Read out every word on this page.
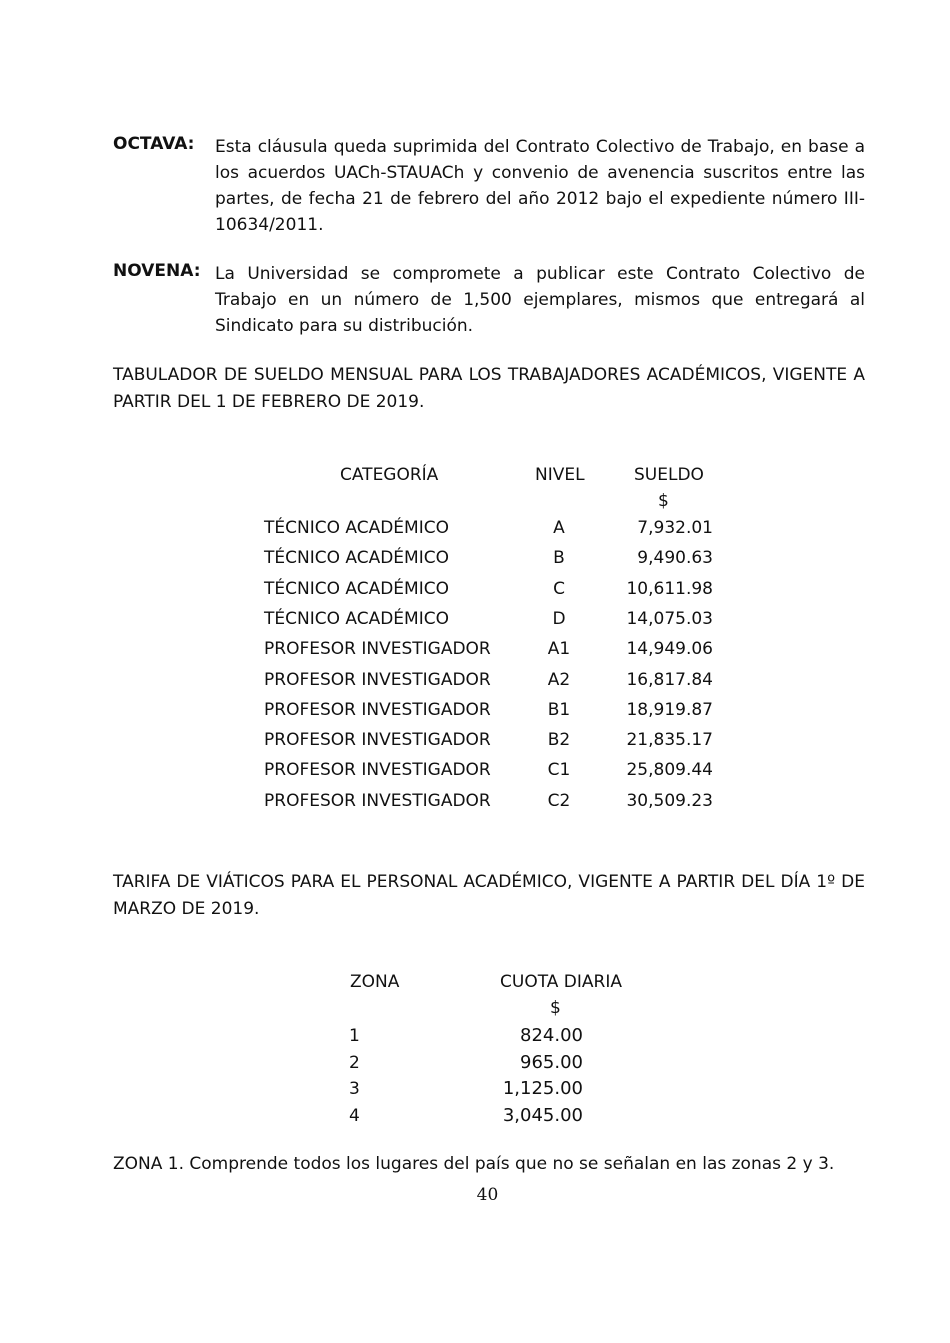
OCTAVA: Esta cláusula queda suprimida del Contrato Colectivo de Trabajo, en base a los acuerdos UACh-STAUACh y convenio de avenencia suscritos entre las partes, de fecha 21 de febrero del año 2012 bajo el expediente número III-10634/2011.
NOVENA: La Universidad se compromete a publicar este Contrato Colectivo de Trabajo en un número de 1,500 ejemplares, mismos que entregará al Sindicato para su distribución.
TABULADOR DE SUELDO MENSUAL PARA LOS TRABAJADORES ACADÉMICOS, VIGENTE A PARTIR DEL 1 DE FEBRERO DE 2019.
CATEGORÍA	NIVEL	SUELDO
$
TÉCNICO ACADÉMICO	A	7,932.01
TÉCNICO ACADÉMICO	B	9,490.63
TÉCNICO ACADÉMICO	C	10,611.98
TÉCNICO ACADÉMICO	D	14,075.03
PROFESOR INVESTIGADOR	A1	14,949.06
PROFESOR INVESTIGADOR	A2	16,817.84
PROFESOR INVESTIGADOR	B1	18,919.87
PROFESOR INVESTIGADOR	B2	21,835.17
PROFESOR INVESTIGADOR	C1	25,809.44
PROFESOR INVESTIGADOR	C2	30,509.23
TARIFA DE VIÁTICOS PARA EL PERSONAL ACADÉMICO, VIGENTE A PARTIR DEL DÍA 1º DE MARZO DE 2019.
ZONA	CUOTA DIARIA
$
1	824.00
2	965.00
3	1,125.00
4	3,045.00
ZONA 1. Comprende todos los lugares del país que no se señalan en las zonas 2 y 3.
40
